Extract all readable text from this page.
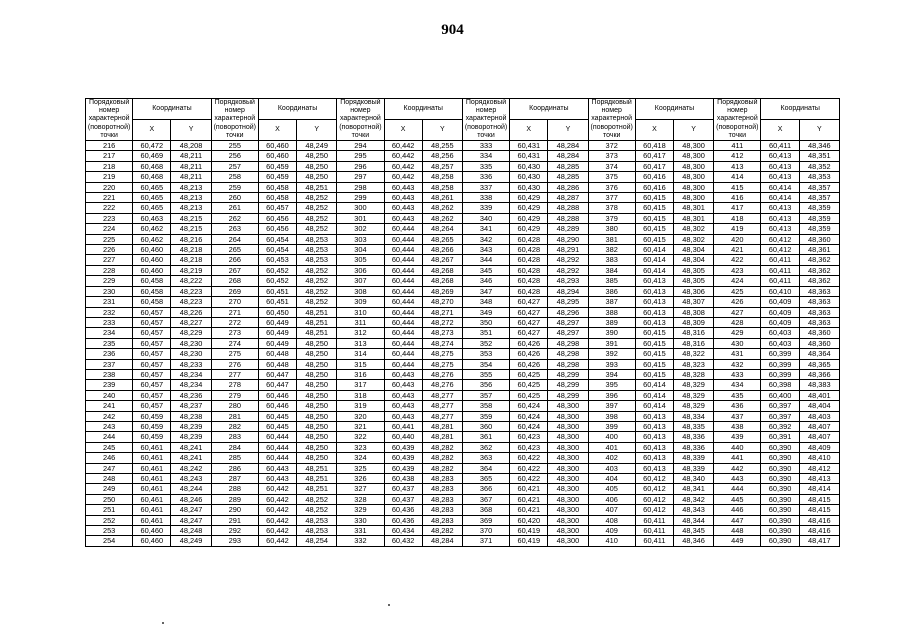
904
Порядковый номер характерной (поворотной) точки	Координаты		Порядковый номер характерной (поворотной) точки	Координаты		Порядковый номер характерной (поворотной) точки	Координаты		Порядковый номер характерной (поворотной) точки	Координаты		Порядковый номер характерной (поворотной) точки	Координаты		Порядковый номер характерной (поворотной) точки	Координаты	
	X	Y		X	Y		X	Y		X	Y		X	Y		X	Y
216	60,472	48,208	255	60,460	48,249	294	60,442	48,255	333	60,431	48,284	372	60,418	48,300	411	60,411	48,346
217	60,469	48,211	256	60,460	48,250	295	60,442	48,256	334	60,431	48,284	373	60,417	48,300	412	60,413	48,351
218	60,468	48,211	257	60,459	48,250	296	60,442	48,257	335	60,430	48,285	374	60,417	48,300	413	60,413	48,352
219	60,468	48,211	258	60,459	48,250	297	60,442	48,258	336	60,430	48,285	375	60,416	48,300	414	60,413	48,353
220	60,465	48,213	259	60,458	48,251	298	60,443	48,258	337	60,430	48,286	376	60,416	48,300	415	60,414	48,357
221	60,465	48,213	260	60,458	48,252	299	60,443	48,261	338	60,429	48,287	377	60,415	48,300	416	60,414	48,357
222	60,465	48,213	261	60,457	48,252	300	60,443	48,262	339	60,429	48,288	378	60,415	48,301	417	60,413	48,359
223	60,463	48,215	262	60,456	48,252	301	60,443	48,262	340	60,429	48,288	379	60,415	48,301	418	60,413	48,359
224	60,462	48,215	263	60,456	48,252	302	60,444	48,264	341	60,429	48,289	380	60,415	48,302	419	60,413	48,359
225	60,462	48,216	264	60,454	48,253	303	60,444	48,265	342	60,428	48,290	381	60,415	48,302	420	60,412	48,360
226	60,460	48,218	265	60,454	48,253	304	60,444	48,266	343	60,428	48,291	382	60,414	48,304	421	60,412	48,361
227	60,460	48,218	266	60,453	48,253	305	60,444	48,267	344	60,428	48,292	383	60,414	48,304	422	60,411	48,362
228	60,460	48,219	267	60,452	48,252	306	60,444	48,268	345	60,428	48,292	384	60,414	48,305	423	60,411	48,362
229	60,458	48,222	268	60,452	48,252	307	60,444	48,268	346	60,428	48,293	385	60,413	48,305	424	60,411	48,362
230	60,458	48,223	269	60,451	48,252	308	60,444	48,269	347	60,428	48,294	386	60,413	48,306	425	60,410	48,363
231	60,458	48,223	270	60,451	48,252	309	60,444	48,270	348	60,427	48,295	387	60,413	48,307	426	60,409	48,363
232	60,457	48,226	271	60,450	48,251	310	60,444	48,271	349	60,427	48,296	388	60,413	48,308	427	60,409	48,363
233	60,457	48,227	272	60,449	48,251	311	60,444	48,272	350	60,427	48,297	389	60,413	48,309	428	60,409	48,363
234	60,457	48,229	273	60,449	48,251	312	60,444	48,273	351	60,427	48,297	390	60,415	48,316	429	60,403	48,360
235	60,457	48,230	274	60,449	48,250	313	60,444	48,274	352	60,426	48,298	391	60,415	48,316	430	60,403	48,360
236	60,457	48,230	275	60,448	48,250	314	60,444	48,275	353	60,426	48,298	392	60,415	48,322	431	60,399	48,364
237	60,457	48,233	276	60,448	48,250	315	60,444	48,275	354	60,426	48,298	393	60,415	48,323	432	60,399	48,365
238	60,457	48,234	277	60,447	48,250	316	60,443	48,276	355	60,425	48,299	394	60,415	48,328	433	60,399	48,366
239	60,457	48,234	278	60,447	48,250	317	60,443	48,276	356	60,425	48,299	395	60,414	48,329	434	60,398	48,383
240	60,457	48,236	279	60,446	48,250	318	60,443	48,277	357	60,425	48,299	396	60,414	48,329	435	60,400	48,401
241	60,457	48,237	280	60,446	48,250	319	60,443	48,277	358	60,424	48,300	397	60,414	48,329	436	60,397	48,404
242	60,459	48,238	281	60,445	48,250	320	60,443	48,277	359	60,424	48,300	398	60,413	48,334	437	60,397	48,403
243	60,459	48,239	282	60,445	48,250	321	60,441	48,281	360	60,424	48,300	399	60,413	48,335	438	60,392	48,407
244	60,459	48,239	283	60,444	48,250	322	60,440	48,281	361	60,423	48,300	400	60,413	48,336	439	60,391	48,407
245	60,461	48,241	284	60,444	48,250	323	60,439	48,282	362	60,423	48,300	401	60,413	48,336	440	60,390	48,409
246	60,461	48,241	285	60,444	48,250	324	60,439	48,282	363	60,422	48,300	402	60,413	48,339	441	60,390	48,410
247	60,461	48,242	286	60,443	48,251	325	60,439	48,282	364	60,422	48,300	403	60,413	48,339	442	60,390	48,412
248	60,461	48,243	287	60,443	48,251	326	60,438	48,283	365	60,422	48,300	404	60,412	48,340	443	60,390	48,413
249	60,461	48,244	288	60,442	48,251	327	60,437	48,283	366	60,421	48,300	405	60,412	48,341	444	60,390	48,414
250	60,461	48,246	289	60,442	48,252	328	60,437	48,283	367	60,421	48,300	406	60,412	48,342	445	60,390	48,415
251	60,461	48,247	290	60,442	48,252	329	60,436	48,283	368	60,421	48,300	407	60,412	48,343	446	60,390	48,415
252	60,461	48,247	291	60,442	48,253	330	60,436	48,283	369	60,420	48,300	408	60,411	48,344	447	60,390	48,416
253	60,460	48,248	292	60,442	48,253	331	60,434	48,282	370	60,419	48,300	409	60,411	48,345	448	60,390	48,416
254	60,460	48,249	293	60,442	48,254	332	60,432	48,284	371	60,419	48,300	410	60,411	48,346	449	60,390	48,417
